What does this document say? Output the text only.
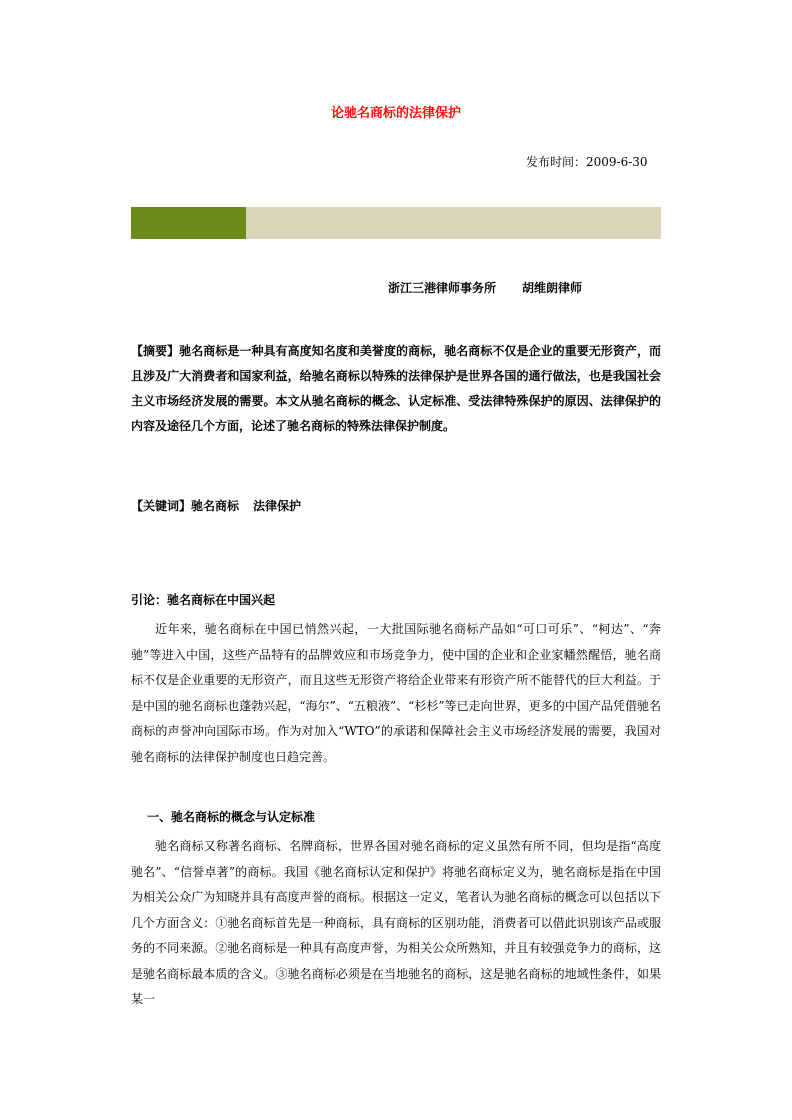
论驰名商标的法律保护
发布时间：2009-6-30
浙江三港律师事务所 胡维朗律师
【摘要】驰名商标是一种具有高度知名度和美誉度的商标，驰名商标不仅是企业的重要无形资产，而且涉及广大消费者和国家利益，给驰名商标以特殊的法律保护是世界各国的通行做法，也是我国社会主义市场经济发展的需要。本文从驰名商标的概念、认定标准、受法律特殊保护的原因、法律保护的内容及途径几个方面，论述了驰名商标的特殊法律保护制度。
【关键词】驰名商标 法律保护
引论：驰名商标在中国兴起

近年来，驰名商标在中国已悄然兴起，一大批国际驰名商标产品如“可口可乐”、“柯达”、“奔驰”等进入中国，这些产品特有的品牌效应和市场竞争力，使中国的企业和企业家幡然醒悟，驰名商标不仅是企业重要的无形资产，而且这些无形资产将给企业带来有形资产所不能替代的巨大利益。于是中国的驰名商标也蓬勃兴起，“海尔”、“五粮液”、“杉杉”等已走向世界，更多的中国产品凭借驰名商标的声誉冲向国际市场。作为对加入“WTO”的承诺和保障社会主义市场经济发展的需要，我国对驰名商标的法律保护制度也日趋完善。

一、驰名商标的概念与认定标准

驰名商标又称著名商标、名牌商标，世界各国对驰名商标的定义虽然有所不同，但均是指“高度驰名”、“信誉卓著”的商标。我国《驰名商标认定和保护》将驰名商标定义为，驰名商标是指在中国为相关公众广为知晓并具有高度声誉的商标。根据这一定义，笔者认为驰名商标的概念可以包括以下几个方面含义：①驰名商标首先是一种商标，具有商标的区别功能，消费者可以借此识别该产品或服务的不同来源。②驰名商标是一种具有高度声誉，为相关公众所熟知，并且有较强竞争力的商标，这是驰名商标最本质的含义。③驰名商标必须是在当地驰名的商标，这是驰名商标的地域性条件，如果某一
